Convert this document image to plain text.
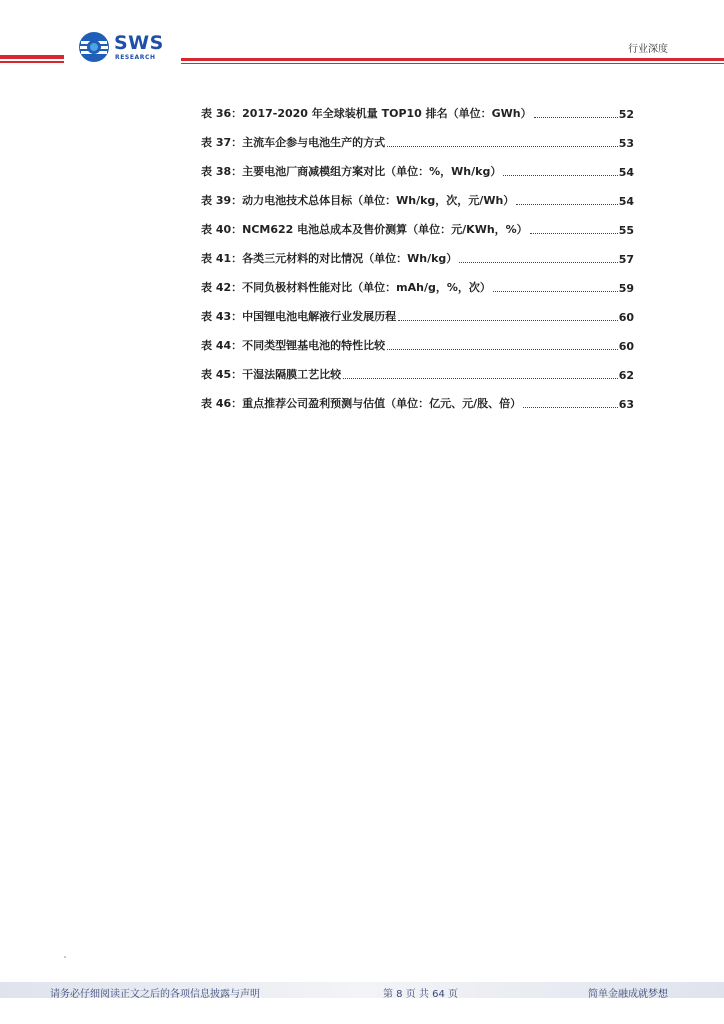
SWS
RESEARCH
行业深度
表 36：2017-2020 年全球装机量 TOP10 排名（单位：GWh）	52
表 37：主流车企参与电池生产的方式	53
表 38：主要电池厂商减模组方案对比（单位：%，Wh/kg）	54
表 39：动力电池技术总体目标（单位：Wh/kg，次，元/Wh）	54
表 40：NCM622 电池总成本及售价测算（单位：元/KWh，%）	55
表 41：各类三元材料的对比情况（单位：Wh/kg）	57
表 42：不同负极材料性能对比（单位：mAh/g，%，次）	59
表 43：中国锂电池电解液行业发展历程	60
表 44：不同类型锂基电池的特性比较	60
表 45：干湿法隔膜工艺比较	62
表 46：重点推荐公司盈利预测与估值（单位：亿元、元/股、倍）	63
请务必仔细阅读正文之后的各项信息披露与声明	第 8 页 共 64 页	简单金融成就梦想
